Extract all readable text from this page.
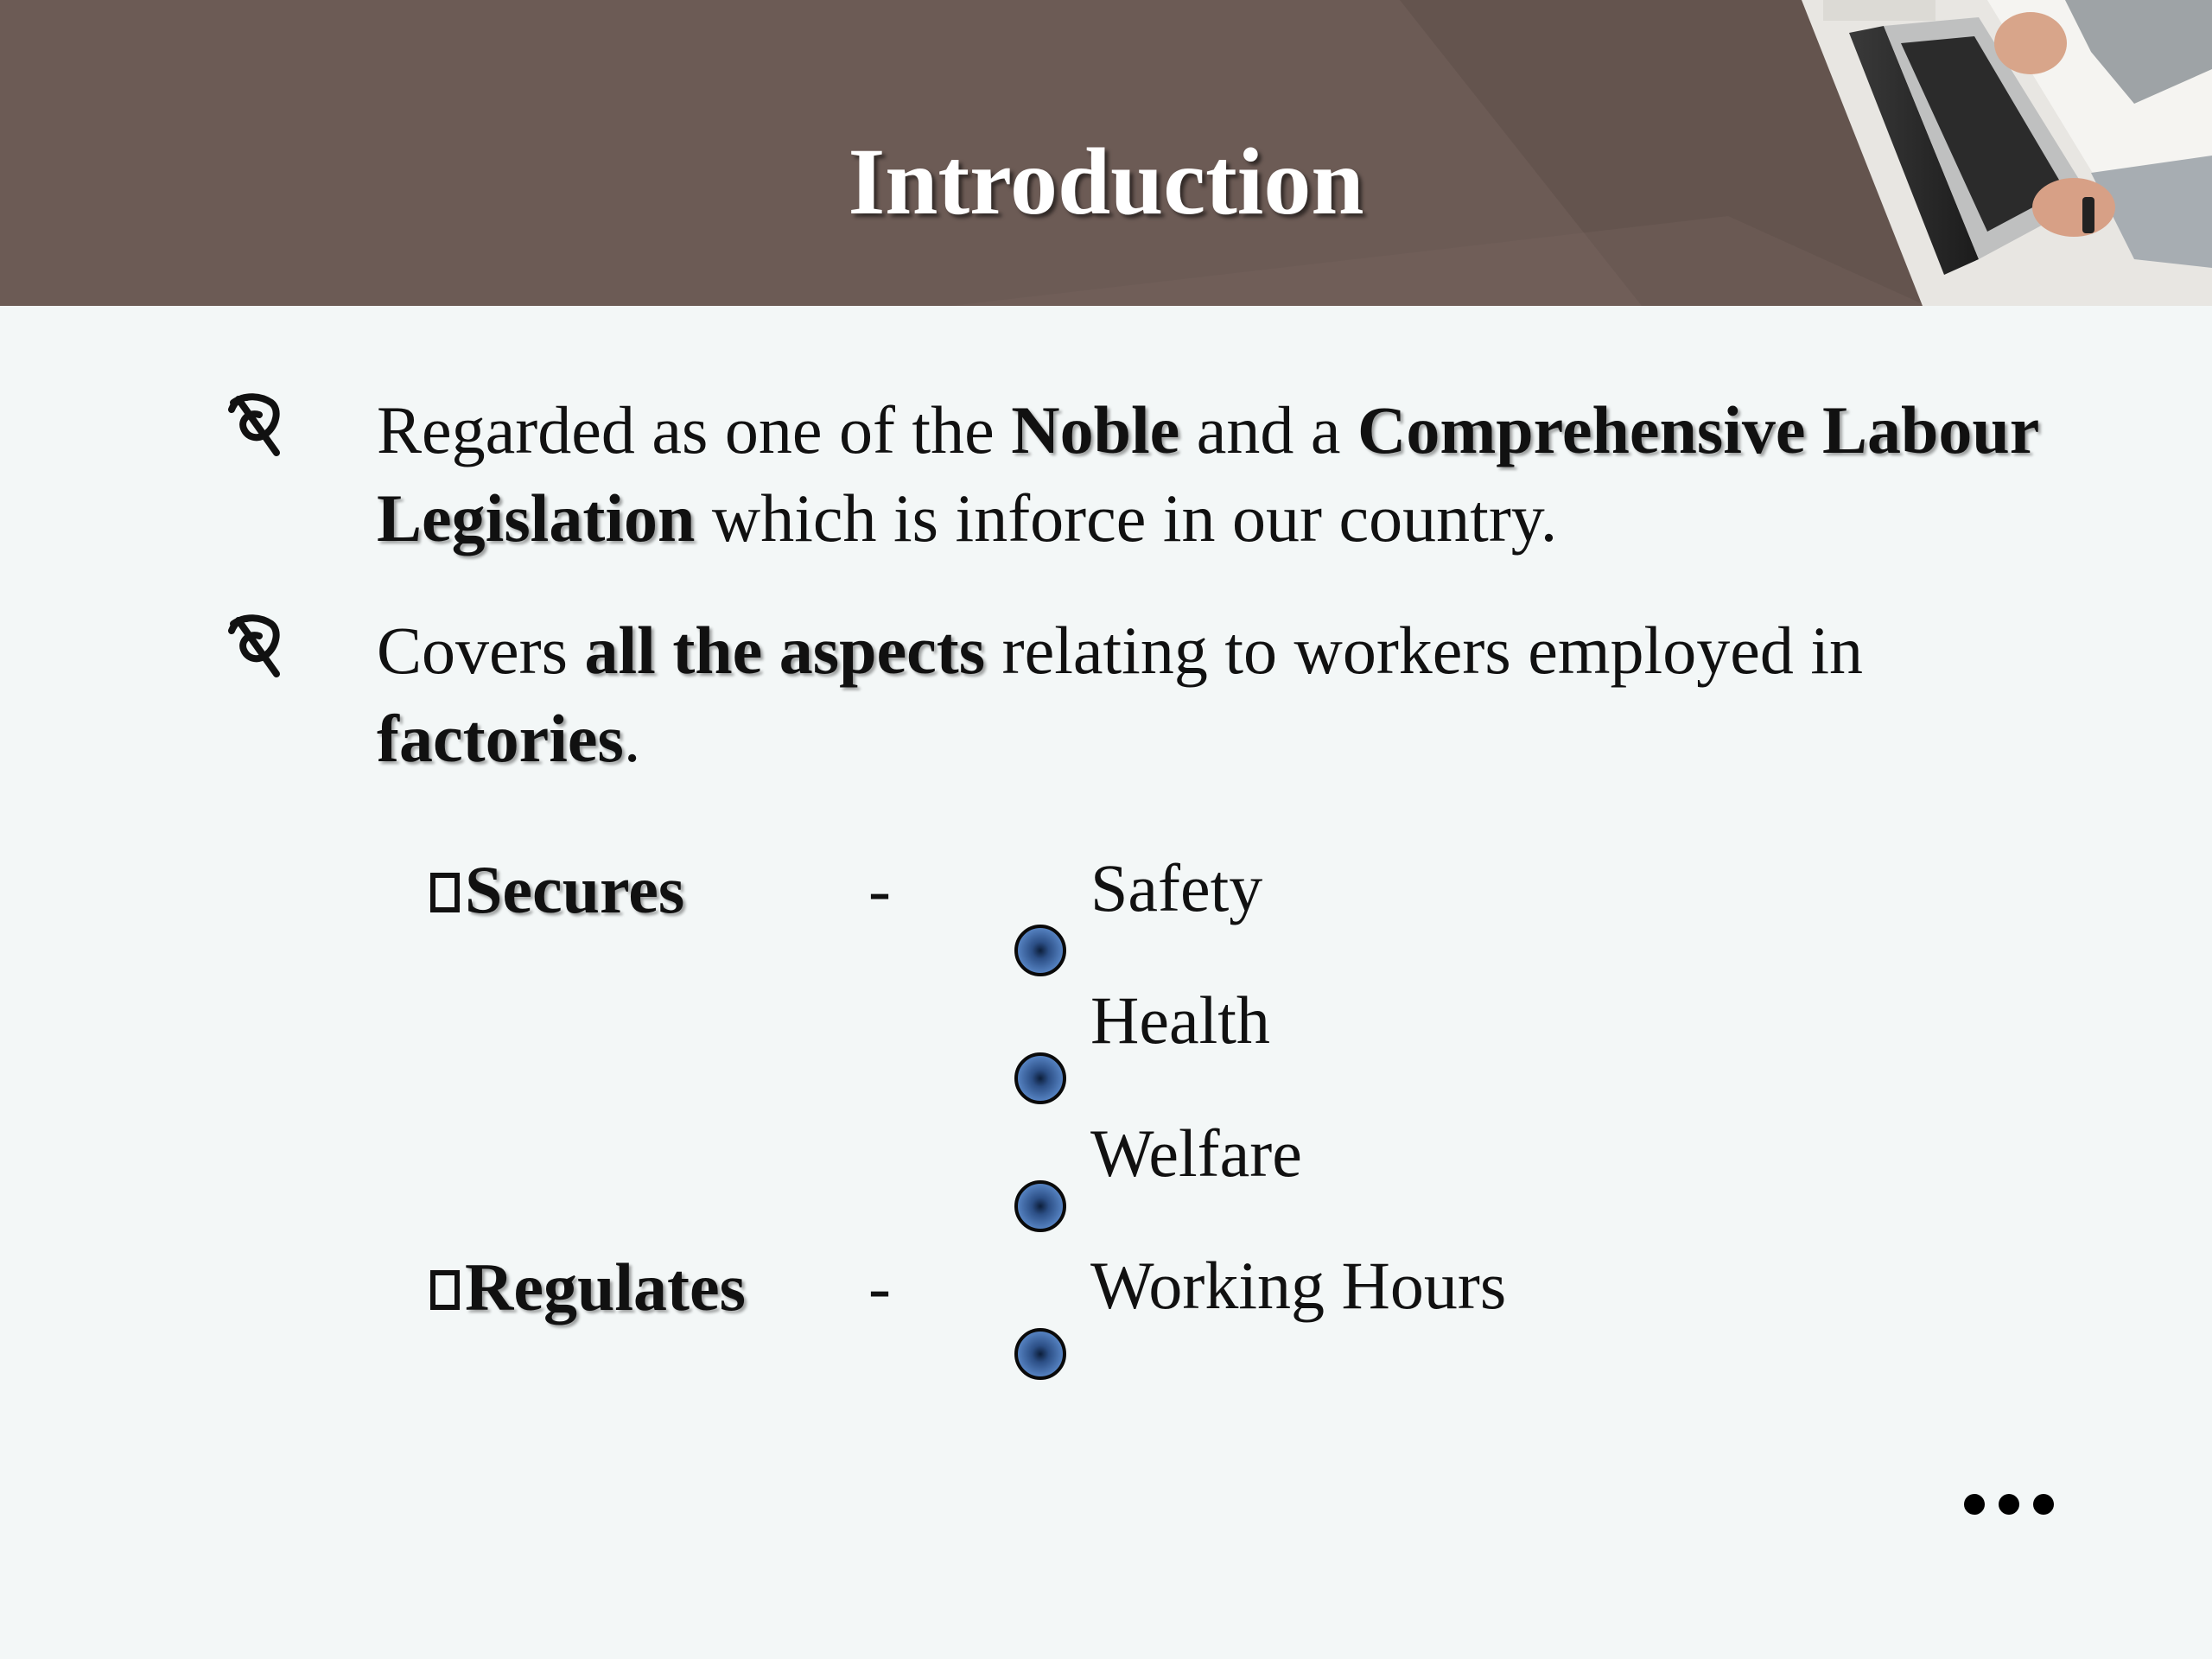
Introduction
Regarded as one of the Noble and a Comprehensive Labour Legislation which is inforce in our country.
Covers all the aspects relating to workers employed in factories.
Secures	-
Regulates -
Safety
Health
Welfare
Working Hours
